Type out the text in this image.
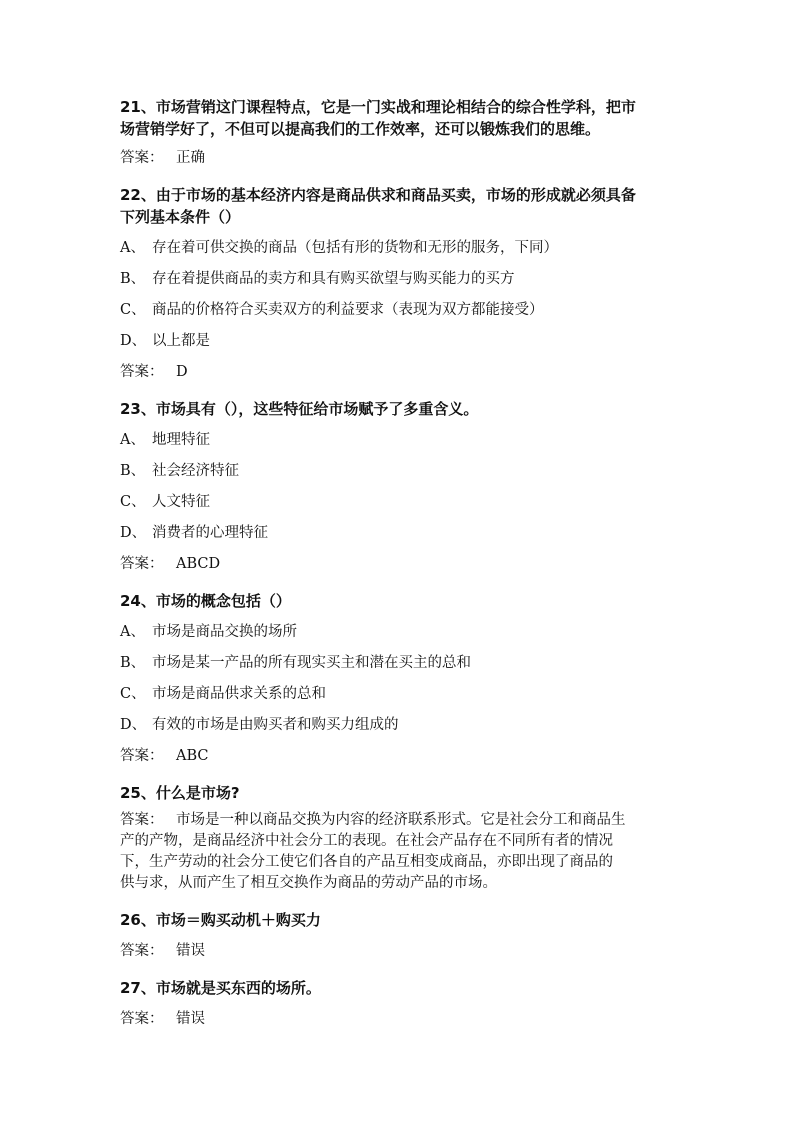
21、市场营销这门课程特点，它是一门实战和理论相结合的综合性学科，把市

场营销学好了，不但可以提高我们的工作效率，还可以锻炼我们的思维。

答案： 正确

22、由于市场的基本经济内容是商品供求和商品买卖，市场的形成就必须具备

下列基本条件（）

A、 存在着可供交换的商品（包括有形的货物和无形的服务，下同）

B、 存在着提供商品的卖方和具有购买欲望与购买能力的买方

C、 商品的价格符合买卖双方的利益要求（表现为双方都能接受）

D、 以上都是

答案： D

23、市场具有（），这些特征给市场赋予了多重含义。

A、 地理特征

B、 社会经济特征

C、 人文特征

D、 消费者的心理特征

答案： ABCD

24、市场的概念包括（）

A、 市场是商品交换的场所

B、 市场是某一产品的所有现实买主和潜在买主的总和

C、 市场是商品供求关系的总和

D、 有效的市场是由购买者和购买力组成的

答案： ABC

25、什么是市场?

答案： 市场是一种以商品交换为内容的经济联系形式。它是社会分工和商品生

产的产物，是商品经济中社会分工的表现。在社会产品存在不同所有者的情况

下，生产劳动的社会分工使它们各自的产品互相变成商品，亦即出现了商品的

供与求，从而产生了相互交换作为商品的劳动产品的市场。

26、市场＝购买动机＋购买力

答案： 错误

27、市场就是买东西的场所。

答案： 错误
